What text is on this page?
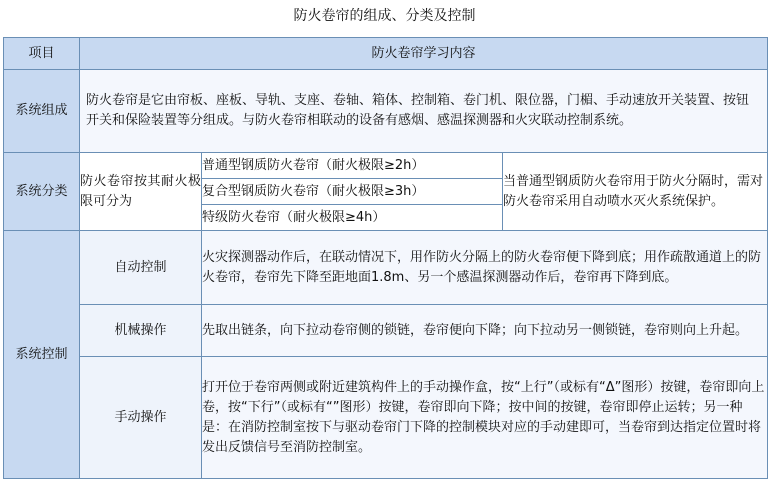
防火卷帘的组成、分类及控制
项目	防火卷帘学习内容		
系统组成	防火卷帘是它由帘板、座板、导轨、支座、卷轴、箱体、控制箱、卷门机、限位器，门楣、手动速放开关装置、按钮开关和保险装置等分组成。与防火卷帘相联动的设备有感烟、感温探测器和火灾联动控制系统。		
系统分类	防火卷帘按其耐火极限可分为	普通型钢质防火卷帘（耐火极限≥2h）	当普通型钢质防火卷帘用于防火分隔时，需对防火卷帘采用自动喷水灭火系统保护。
		复合型钢质防火卷帘（耐火极限≥3h）	
		特级防火卷帘（耐火极限≥4h）	
系统控制	自动控制	火灾探测器动作后，在联动情况下，用作防火分隔上的防火卷帘便下降到底；用作疏散通道上的防火卷帘，卷帘先下降至距地面1.8m、另一个感温探测器动作后，卷帘再下降到底。	
	机械操作	先取出链条，向下拉动卷帘侧的锁链，卷帘便向下降；向下拉动另一侧锁链，卷帘则向上升起。	
	手动操作	打开位于卷帘两侧或附近建筑构件上的手动操作盒，按“上行”（或标有“Δ”图形）按键，卷帘即向上卷，按“下行”（或标有“”图形）按键，卷帘即向下降；按中间的按键，卷帘即停止运转；另一种是：在消防控制室按下与驱动卷帘门下降的控制模块对应的手动建即可，当卷帘到达指定位置时将发出反馈信号至消防控制室。	
